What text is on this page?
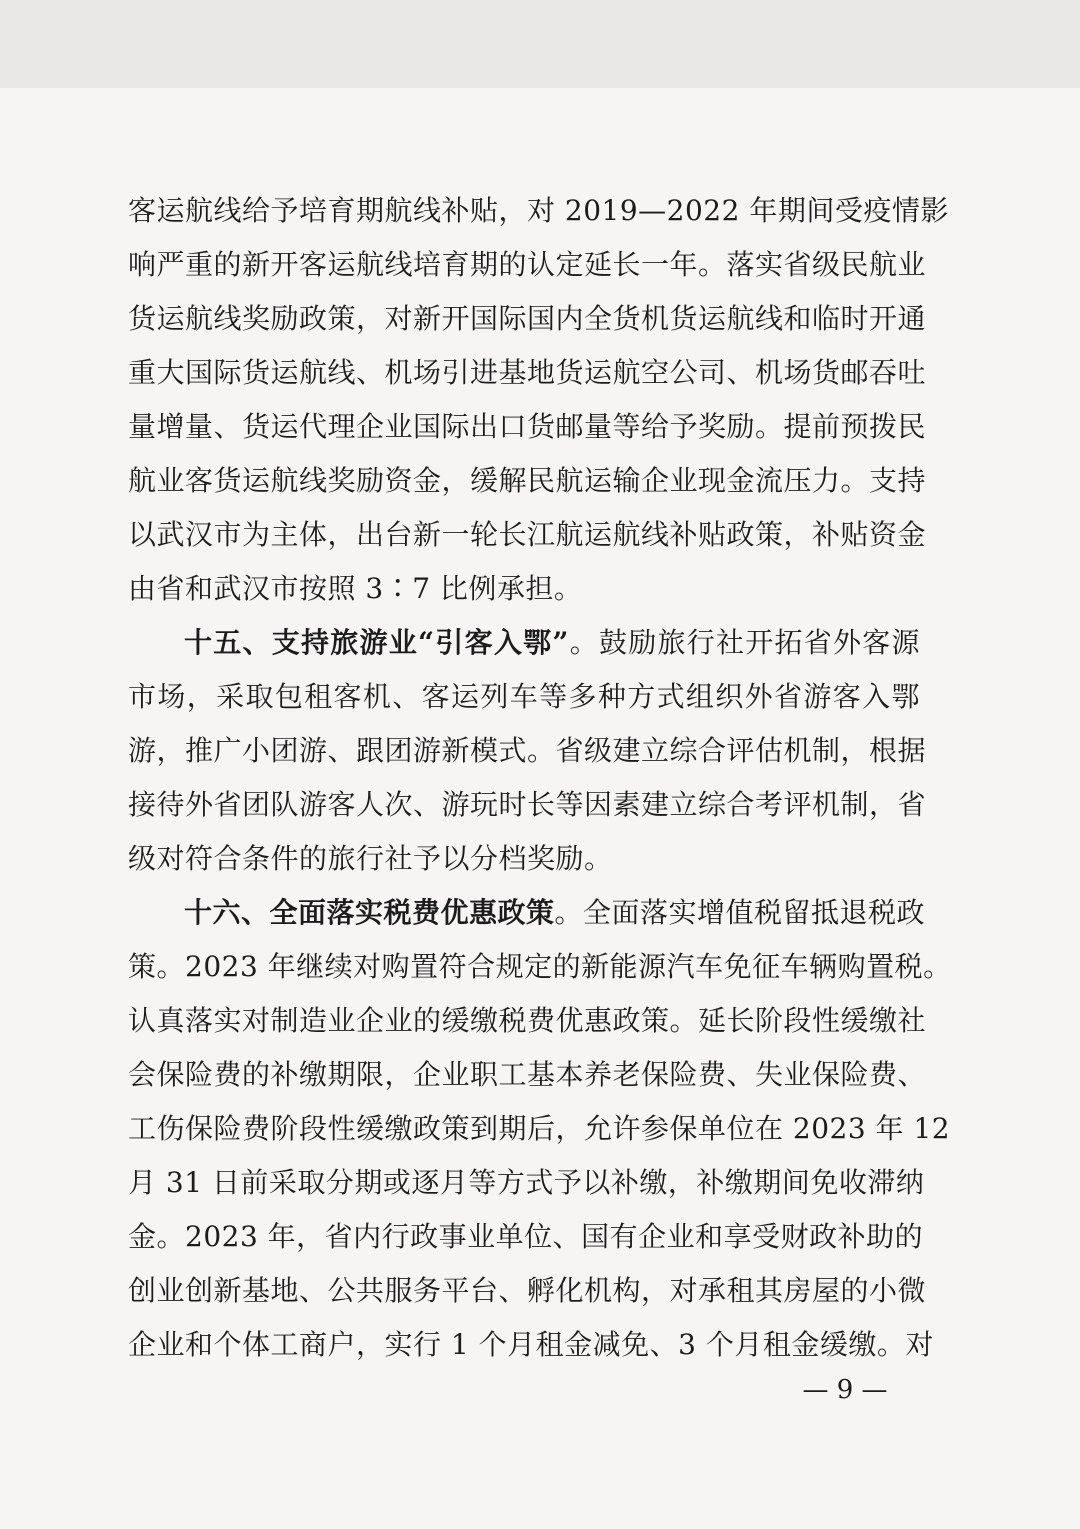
客运航线给予培育期航线补贴，对 2019—2022 年期间受疫情影
响严重的新开客运航线培育期的认定延长一年。落实省级民航业
货运航线奖励政策，对新开国际国内全货机货运航线和临时开通
重大国际货运航线、机场引进基地货运航空公司、机场货邮吞吐
量增量、货运代理企业国际出口货邮量等给予奖励。提前预拨民
航业客货运航线奖励资金，缓解民航运输企业现金流压力。支持
以武汉市为主体，出台新一轮长江航运航线补贴政策，补贴资金
由省和武汉市按照 3∶7 比例承担。
十五、支持旅游业“引客入鄂”。鼓励旅行社开拓省外客源
市场，采取包租客机、客运列车等多种方式组织外省游客入鄂
游，推广小团游、跟团游新模式。省级建立综合评估机制，根据
接待外省团队游客人次、游玩时长等因素建立综合考评机制，省
级对符合条件的旅行社予以分档奖励。
十六、全面落实税费优惠政策。全面落实增值税留抵退税政
策。2023 年继续对购置符合规定的新能源汽车免征车辆购置税。
认真落实对制造业企业的缓缴税费优惠政策。延长阶段性缓缴社
会保险费的补缴期限，企业职工基本养老保险费、失业保险费、
工伤保险费阶段性缓缴政策到期后，允许参保单位在 2023 年 12
月 31 日前采取分期或逐月等方式予以补缴，补缴期间免收滞纳
金。2023 年，省内行政事业单位、国有企业和享受财政补助的
创业创新基地、公共服务平台、孵化机构，对承租其房屋的小微
企业和个体工商户，实行 1 个月租金减免、3 个月租金缓缴。对
— 9 —
